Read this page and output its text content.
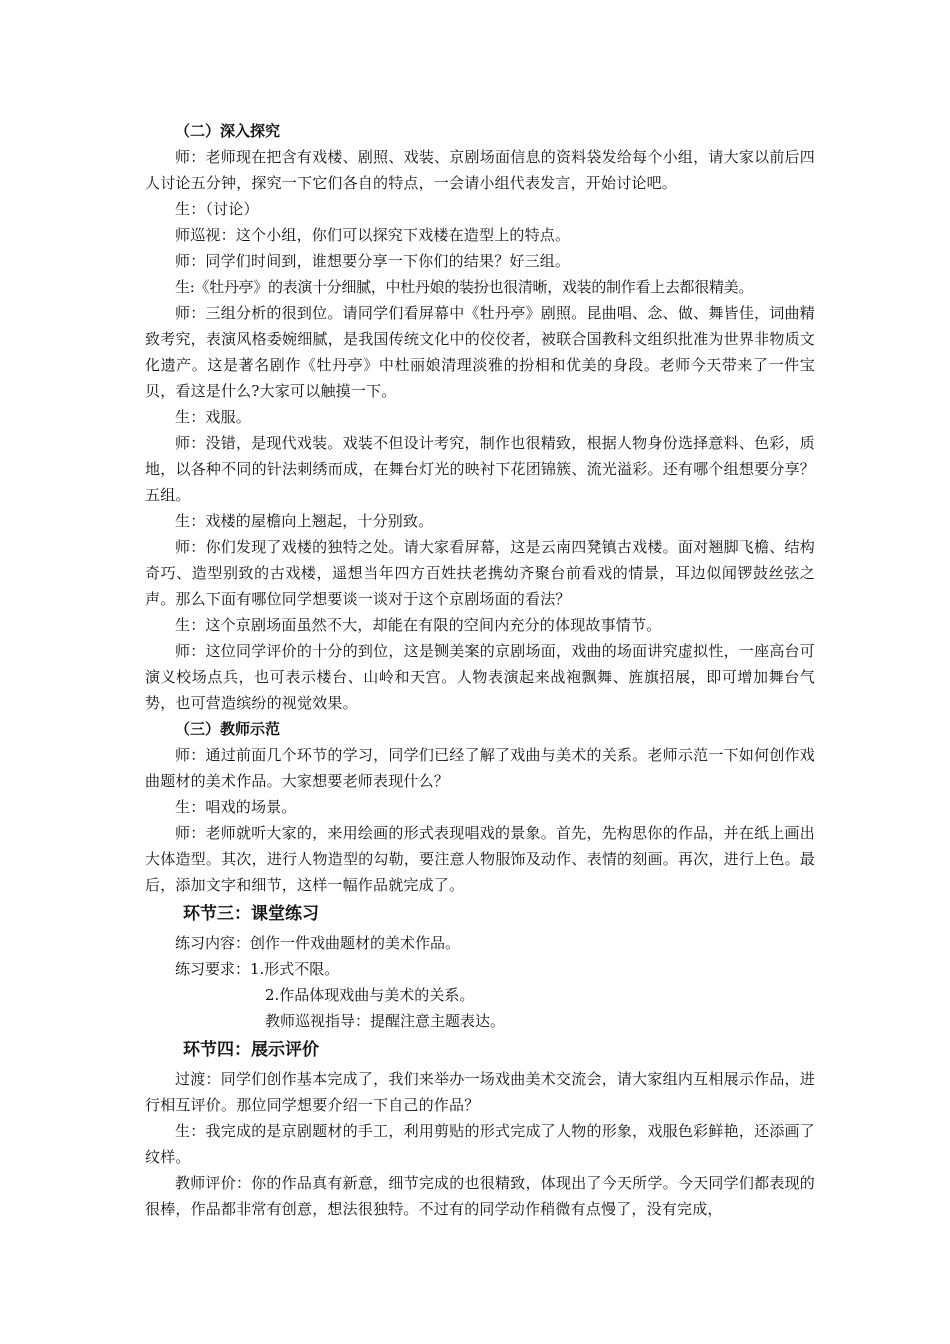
（二）深入探究

师：老师现在把含有戏楼、剧照、戏装、京剧场面信息的资料袋发给每个小组，请大家以前后四人讨论五分钟，探究一下它们各自的特点，一会请小组代表发言，开始讨论吧。

生：（讨论）

师巡视：这个小组，你们可以探究下戏楼在造型上的特点。

师：同学们时间到，谁想要分享一下你们的结果？好三组。

生:《牡丹亭》的表演十分细腻，中杜丹娘的装扮也很清晰，戏装的制作看上去都很精美。

师：三组分析的很到位。请同学们看屏幕中《牡丹亭》剧照。昆曲唱、念、做、舞皆佳，词曲精致考究，表演风格委婉细腻，是我国传统文化中的佼佼者，被联合国教科文组织批准为世界非物质文化遗产。这是著名剧作《牡丹亭》中杜丽娘清理淡雅的扮相和优美的身段。老师今天带来了一件宝贝，看这是什么?大家可以触摸一下。

生：戏服。

师：没错，是现代戏装。戏装不但设计考究，制作也很精致，根据人物身份选择意料、色彩，质地，以各种不同的针法刺绣而成，在舞台灯光的映衬下花团锦簇、流光溢彩。还有哪个组想要分享？五组。

生：戏楼的屋檐向上翘起，十分别致。

师：你们发现了戏楼的独特之处。请大家看屏幕，这是云南四凳镇古戏楼。面对翘脚飞檐、结构奇巧、造型别致的古戏楼，遥想当年四方百姓扶老携幼齐聚台前看戏的情景，耳边似闻锣鼓丝弦之声。那么下面有哪位同学想要谈一谈对于这个京剧场面的看法？

生：这个京剧场面虽然不大，却能在有限的空间内充分的体现故事情节。

师：这位同学评价的十分的到位，这是铡美案的京剧场面，戏曲的场面讲究虚拟性，一座高台可演义校场点兵，也可表示楼台、山岭和天宫。人物表演起来战袍飘舞、旌旗招展，即可增加舞台气势，也可营造缤纷的视觉效果。

（三）教师示范

师：通过前面几个环节的学习，同学们已经了解了戏曲与美术的关系。老师示范一下如何创作戏曲题材的美术作品。大家想要老师表现什么？

生：唱戏的场景。

师：老师就听大家的，来用绘画的形式表现唱戏的景象。首先，先构思你的作品，并在纸上画出大体造型。其次，进行人物造型的勾勒，要注意人物服饰及动作、表情的刻画。再次，进行上色。最后，添加文字和细节，这样一幅作品就完成了。

环节三：课堂练习

练习内容：创作一件戏曲题材的美术作品。

练习要求：1.形式不限。

2.作品体现戏曲与美术的关系。

教师巡视指导：提醒注意主题表达。

环节四：展示评价

过渡：同学们创作基本完成了，我们来举办一场戏曲美术交流会，请大家组内互相展示作品，进行相互评价。那位同学想要介绍一下自己的作品？

生：我完成的是京剧题材的手工，利用剪贴的形式完成了人物的形象，戏服色彩鲜艳，还添画了纹样。

教师评价：你的作品真有新意，细节完成的也很精致，体现出了今天所学。今天同学们都表现的很棒，作品都非常有创意，想法很独特。不过有的同学动作稍微有点慢了，没有完成，
